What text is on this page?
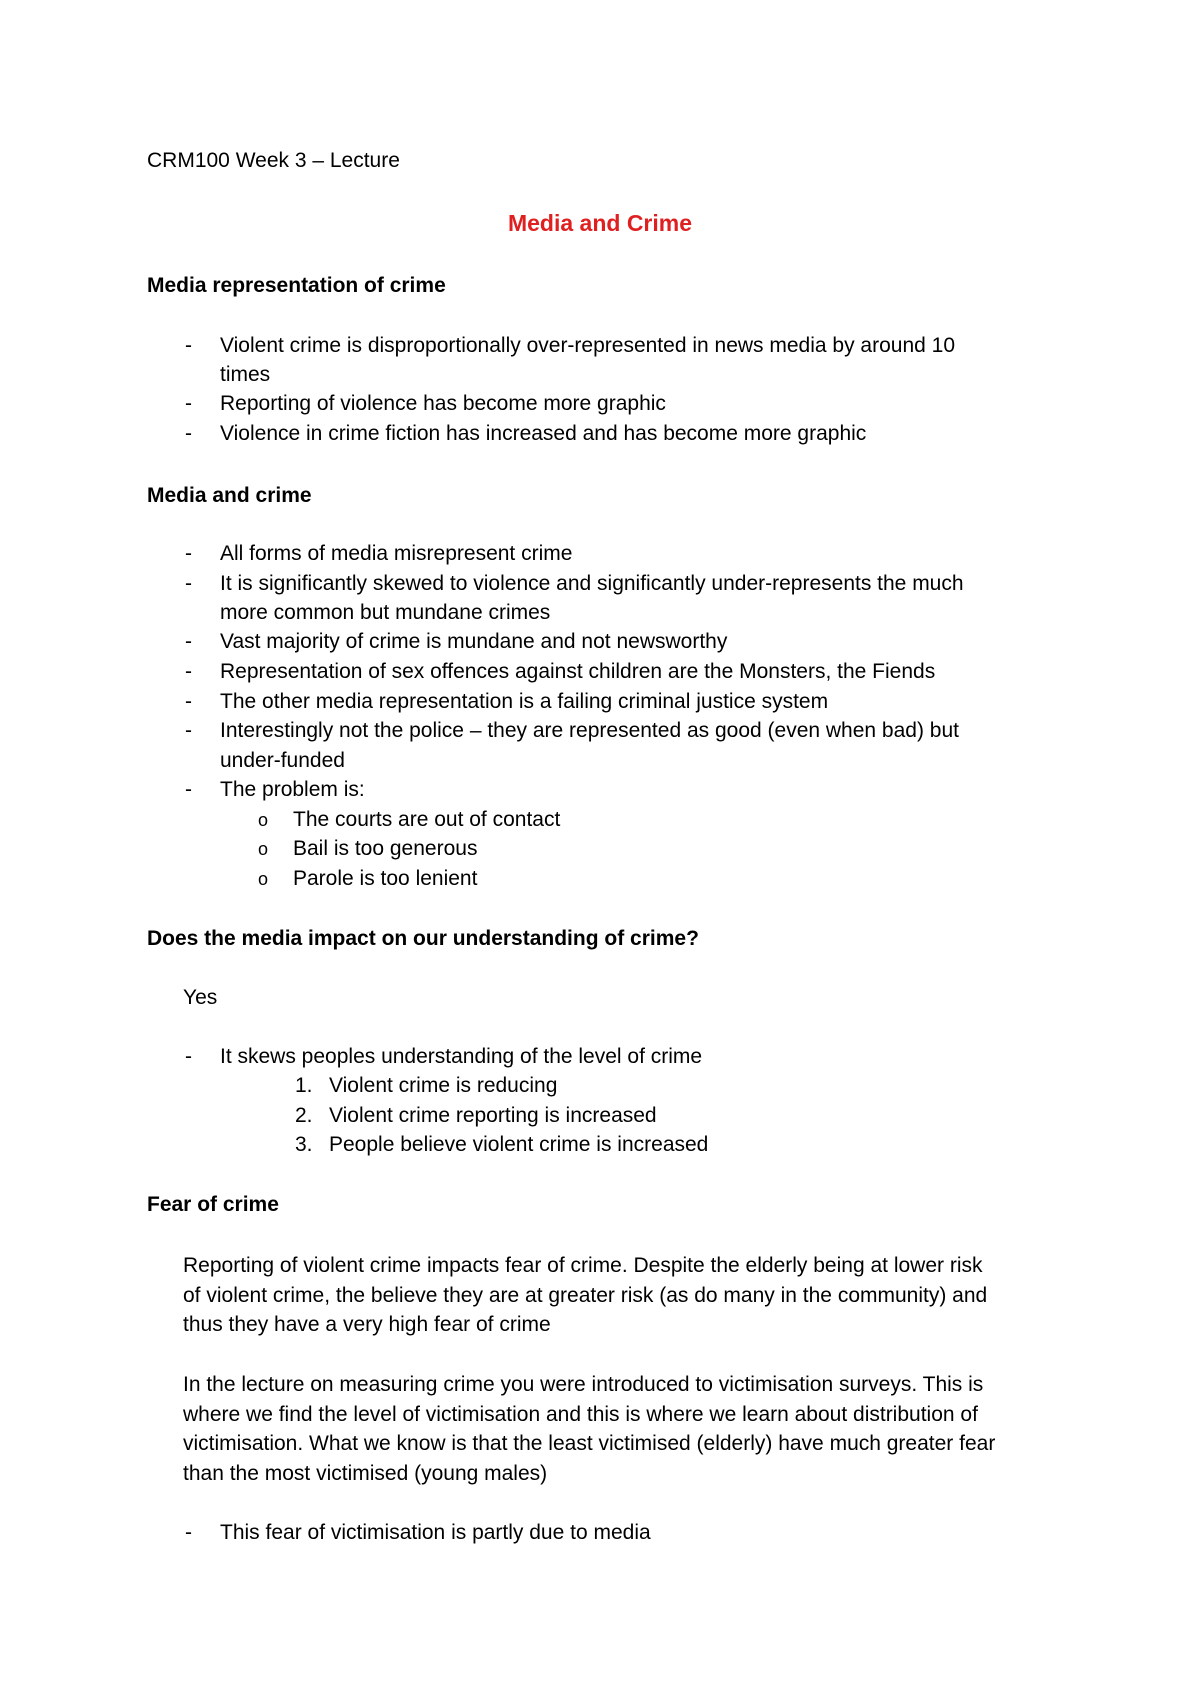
CRM100 Week 3 – Lecture
Media and Crime
Media representation of crime
- Violent crime is disproportionally over-represented in news media by around 10
times
- Reporting of violence has become more graphic
- Violence in crime fiction has increased and has become more graphic
Media and crime
- All forms of media misrepresent crime
- It is significantly skewed to violence and significantly under-represents the much
more common but mundane crimes
- Vast majority of crime is mundane and not newsworthy
- Representation of sex offences against children are the Monsters, the Fiends
- The other media representation is a failing criminal justice system
- Interestingly not the police – they are represented as good (even when bad) but
under-funded
- The problem is:
o The courts are out of contact
o Bail is too generous
o Parole is too lenient
Does the media impact on our understanding of crime?
Yes
- It skews peoples understanding of the level of crime
1. Violent crime is reducing
2. Violent crime reporting is increased
3. People believe violent crime is increased
Fear of crime
Reporting of violent crime impacts fear of crime. Despite the elderly being at lower risk
of violent crime, the believe they are at greater risk (as do many in the community) and
thus they have a very high fear of crime
In the lecture on measuring crime you were introduced to victimisation surveys. This is
where we find the level of victimisation and this is where we learn about distribution of
victimisation. What we know is that the least victimised (elderly) have much greater fear
than the most victimised (young males)
- This fear of victimisation is partly due to media
